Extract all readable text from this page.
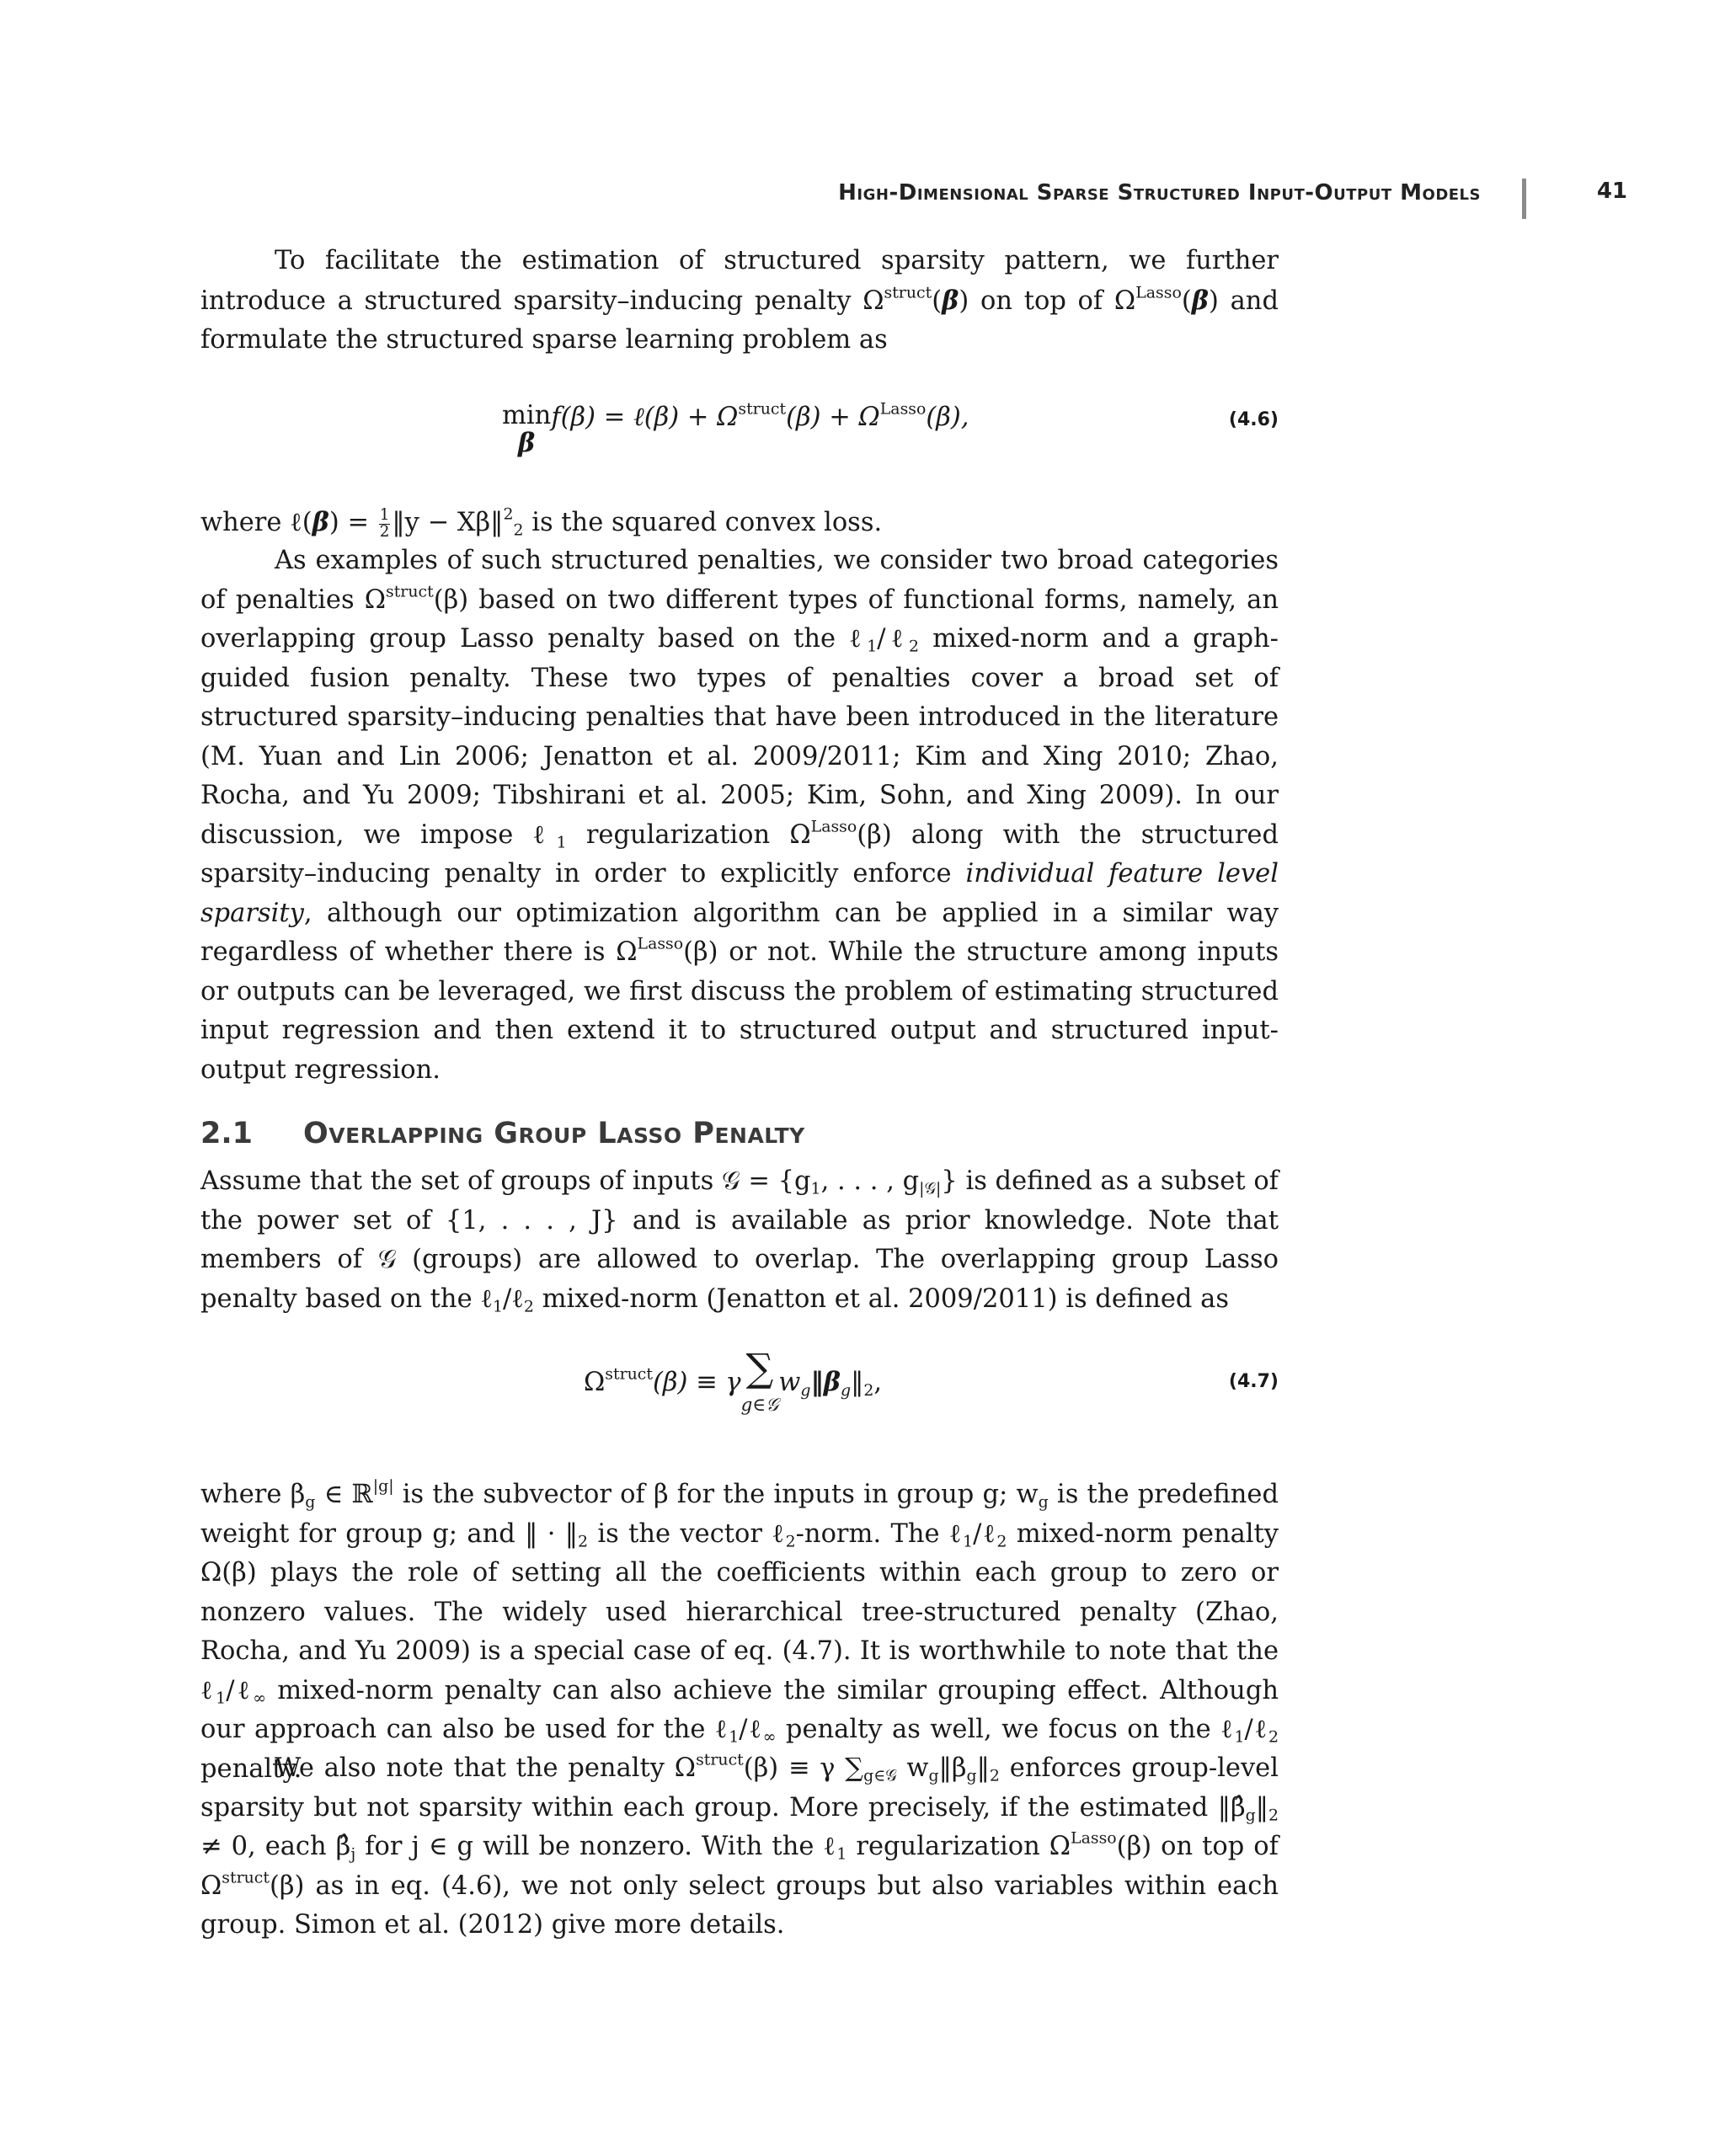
High-Dimensional Sparse Structured Input-Output Models	41

To facilitate the estimation of structured sparsity pattern, we further introduce a structured sparsity–inducing penalty $\Omega^{struct}(\beta)$ on top of $\Omega^{Lasso}(\beta)$ and formulate the structured sparse learning problem as

min
β
f(β) = ℓ(β) + $\Omega^{struct}(\beta) + \Omega^{Lasso}(\beta)$,	(4.6)

where ℓ(β) = $\frac{1}{2}$ ‖y − Xβ‖$^2_2$ is the squared convex loss.

As examples of such structured penalties, we consider two broad categories of penalties $\Omega^{struct}(\beta)$ based on two different types of functional forms, namely, an overlapping group Lasso penalty based on the ℓ$_1$/ℓ$_2$ mixed-norm and a graph-guided fusion penalty. These two types of penalties cover a broad set of structured sparsity–inducing penalties that have been introduced in the literature (M. Yuan and Lin 2006; Jenatton et al. 2009/2011; Kim and Xing 2010; Zhao, Rocha, and Yu 2009; Tibshirani et al. 2005; Kim, Sohn, and Xing 2009). In our discussion, we impose ℓ$_1$ regularization $\Omega^{Lasso}(\beta)$ along with the structured sparsity–inducing penalty in order to explicitly enforce individual feature level sparsity, although our optimization algorithm can be applied in a similar way regardless of whether there is $\Omega^{Lasso}(\beta)$ or not. While the structure among inputs or outputs can be leveraged, we first discuss the problem of estimating structured input regression and then extend it to structured output and structured input-output regression.

2.1 Overlapping Group Lasso Penalty

Assume that the set of groups of inputs 𝒢 = {$g_1$, . . . , $g_{|𝒢|}$} is defined as a subset of the power set of {1, . . . , J} and is available as prior knowledge. Note that members of 𝒢 (groups) are allowed to overlap. The overlapping group Lasso penalty based on the ℓ$_1$/ℓ$_2$ mixed-norm (Jenatton et al. 2009/2011) is defined as

$\Omega^{struct}(\beta) \equiv \gamma$ ∑
g∈𝒢
$w_g‖\beta_g‖_2$,	(4.7)

where $\beta_g$ ∈ ℝ$^{|g|}$ is the subvector of β for the inputs in group g; $w_g$ is the predefined weight for group g; and ‖ · $‖_2$ is the vector ℓ$_2$-norm. The ℓ$_1$/ℓ$_2$ mixed-norm penalty Ω(β) plays the role of setting all the coefficients within each group to zero or nonzero values. The widely used hierarchical tree-structured penalty (Zhao, Rocha, and Yu 2009) is a special case of eq. (4.7). It is worthwhile to note that the ℓ$_1$/ℓ$_\infty$ mixed-norm penalty can also achieve the similar grouping effect. Although our approach can also be used for the ℓ$_1$/ℓ$_\infty$ penalty as well, we focus on the ℓ$_1$/ℓ$_2$ penalty.

We also note that the penalty $\Omega^{struct}(\beta) \equiv \gamma$ $\sum_{g\in 𝒢}$ $w_g‖\beta_g‖_2$ enforces group-level sparsity but not sparsity within each group. More precisely, if the estimated $‖\betâ_g‖_2 \ne 0$, each $\betâ_j$ for j ∈ g will be nonzero. With the ℓ$_1$ regularization $\Omega^{Lasso}(\beta)$ on top of $\Omega^{struct}(\beta)$ as in eq. (4.6), we not only select groups but also variables within each group. Simon et al. (2012) give more details.
